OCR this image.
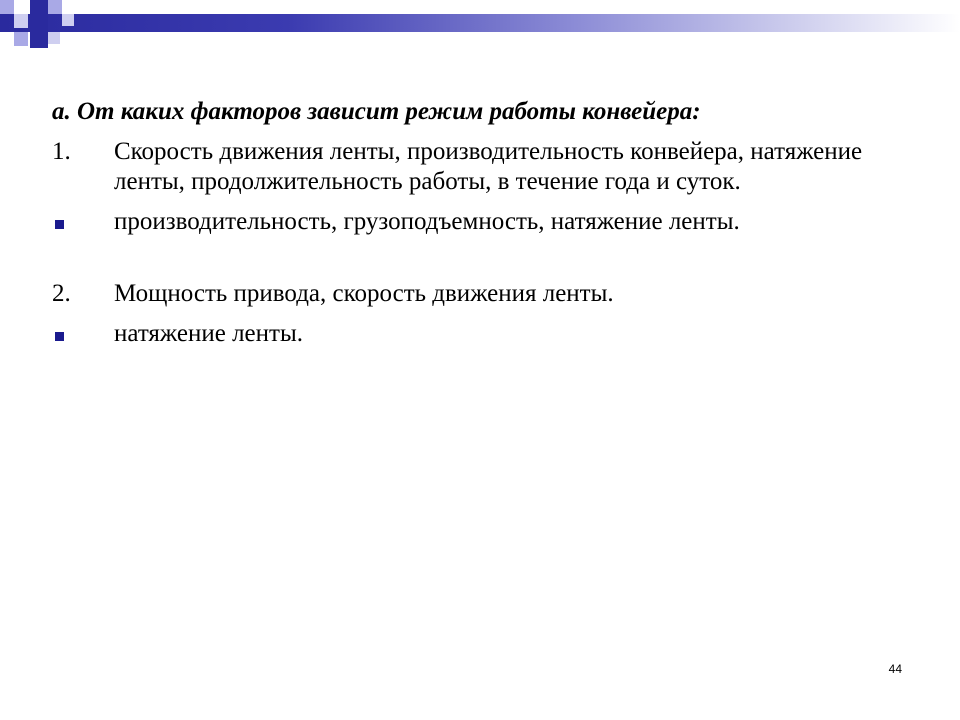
а. От каких факторов зависит режим работы конвейера:

1.	Скорость движения ленты, производительность конвейера, натяжение ленты, продолжительность работы, в течение года и суток.
производительность, грузоподъемность, натяжение ленты.
2.	Мощность привода, скорость движения ленты.
натяжение ленты.
44
